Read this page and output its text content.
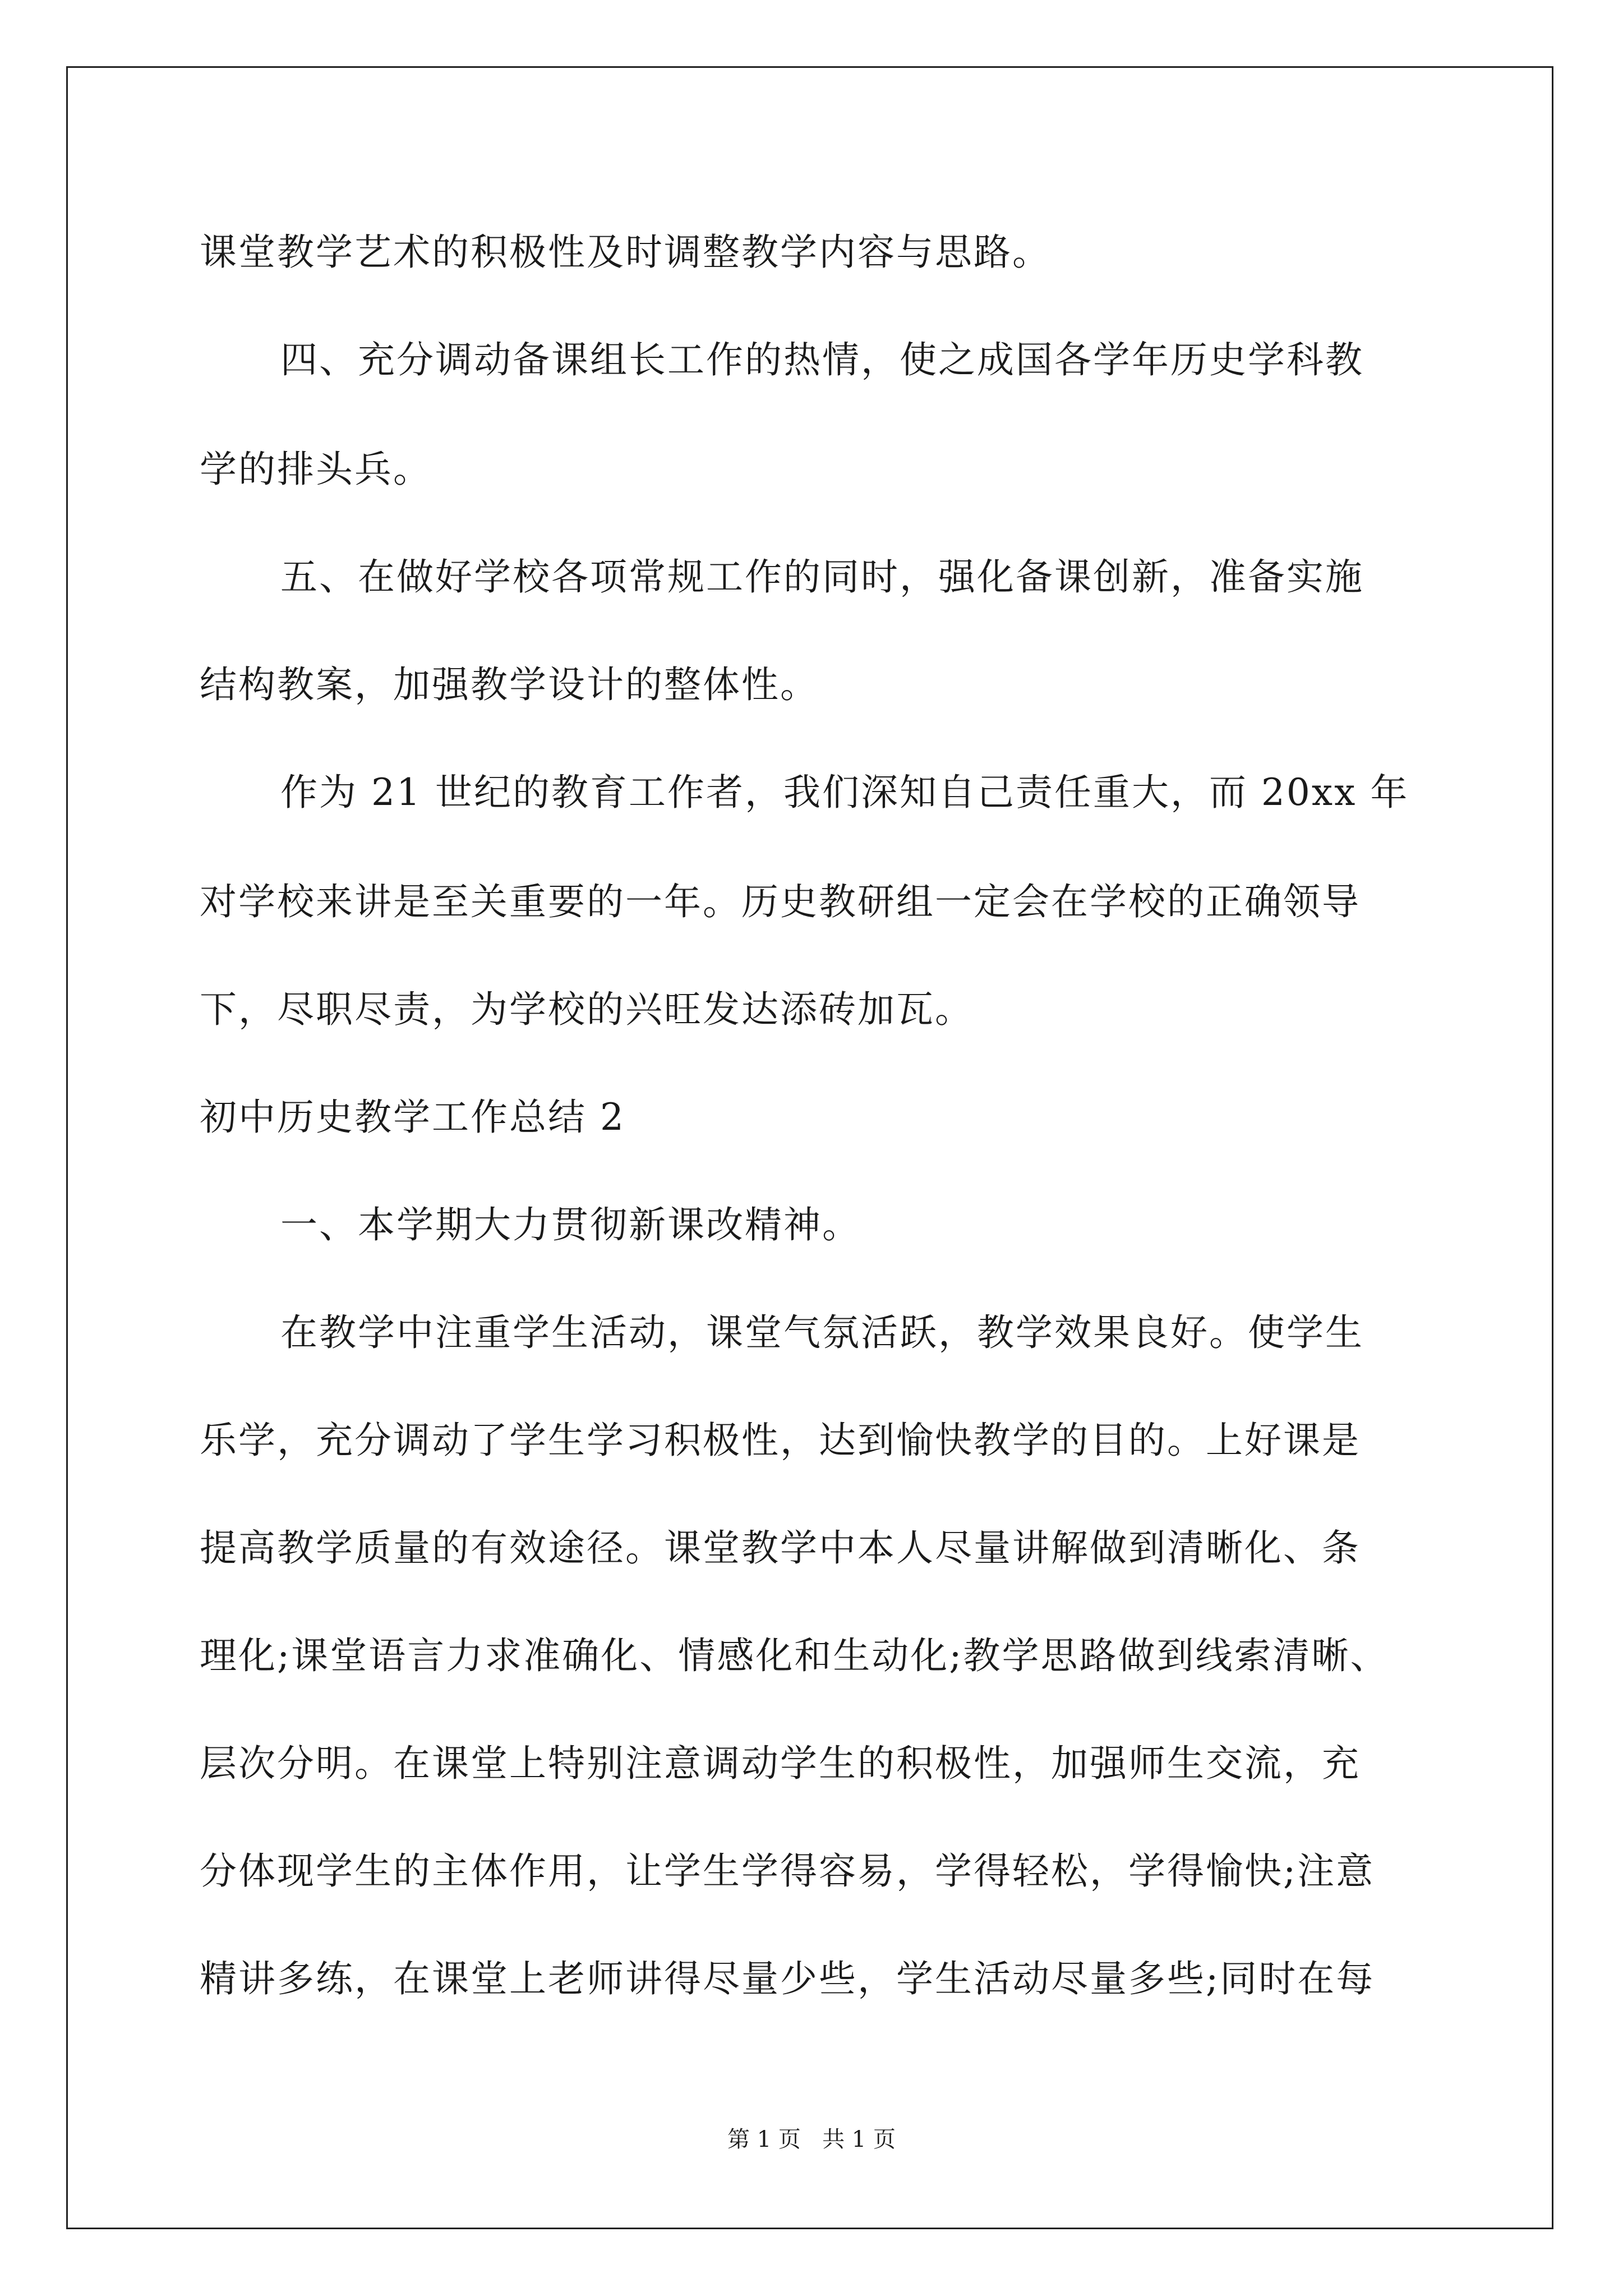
课堂教学艺术的积极性及时调整教学内容与思路。
四、充分调动备课组长工作的热情，使之成国各学年历史学科教
学的排头兵。
五、在做好学校各项常规工作的同时，强化备课创新，准备实施
结构教案，加强教学设计的整体性。
作为 21 世纪的教育工作者，我们深知自己责任重大，而 20xx 年
对学校来讲是至关重要的一年。历史教研组一定会在学校的正确领导
下，尽职尽责，为学校的兴旺发达添砖加瓦。
初中历史教学工作总结 2
一、本学期大力贯彻新课改精神。
在教学中注重学生活动，课堂气氛活跃，教学效果良好。使学生
乐学，充分调动了学生学习积极性，达到愉快教学的目的。上好课是
提高教学质量的有效途径。课堂教学中本人尽量讲解做到清晰化、条
理化;课堂语言力求准确化、情感化和生动化;教学思路做到线索清晰、
层次分明。在课堂上特别注意调动学生的积极性，加强师生交流，充
分体现学生的主体作用，让学生学得容易，学得轻松，学得愉快;注意
精讲多练，在课堂上老师讲得尽量少些，学生活动尽量多些;同时在每
第 1 页   共 1 页
